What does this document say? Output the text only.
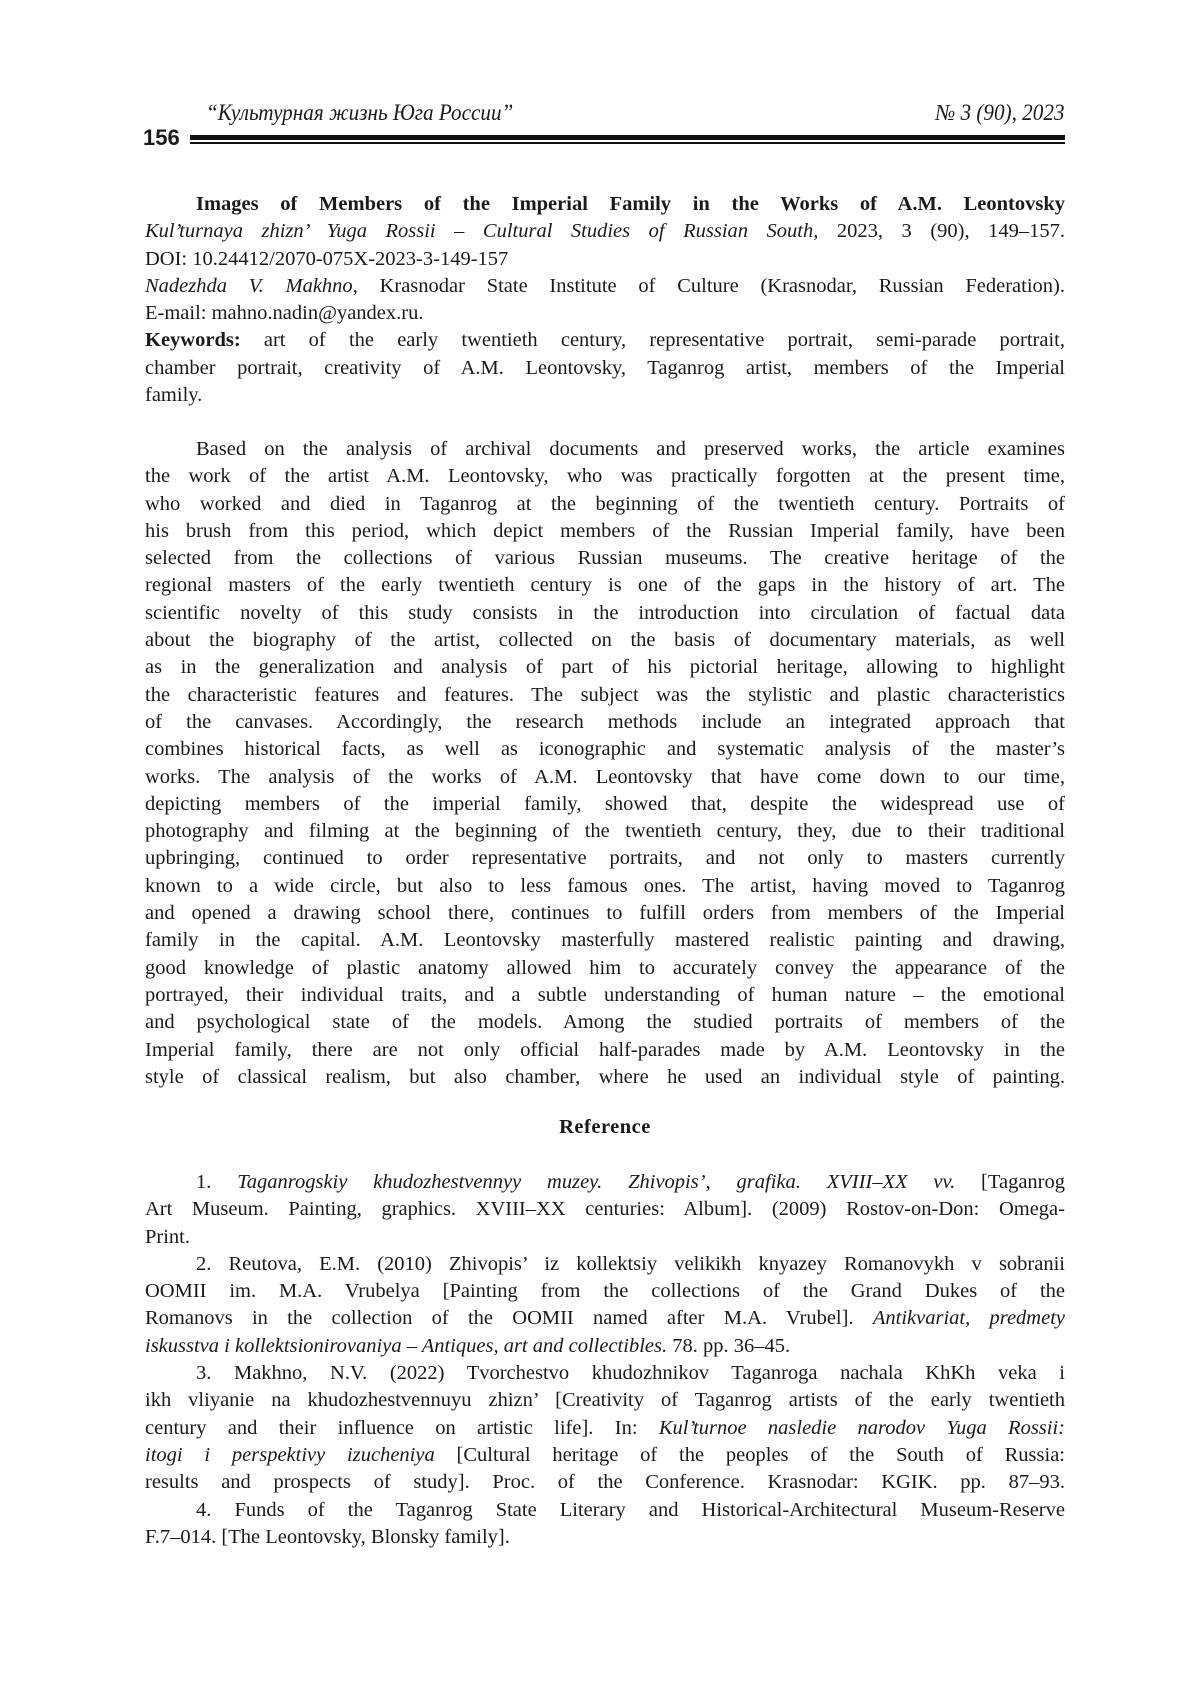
“Культурная жизнь Юга России”	№ 3 (90), 2023
156
Images of Members of the Imperial Family in the Works of A.M. Leontovsky
Kul’turnaya zhizn’ Yuga Rossii – Cultural Studies of Russian South, 2023, 3 (90), 149–157.
DOI: 10.24412/2070-075X-2023-3-149-157
Nadezhda V. Makhno, Krasnodar State Institute of Culture (Krasnodar, Russian Federation).
E-mail: mahno.nadin@yandex.ru.
Keywords: art of the early twentieth century, representative portrait, semi-parade portrait,
chamber portrait, creativity of A.M. Leontovsky, Taganrog artist, members of the Imperial
family.
Based on the analysis of archival documents and preserved works, the article examines
the work of the artist A.M. Leontovsky, who was practically forgotten at the present time,
who worked and died in Taganrog at the beginning of the twentieth century. Portraits of
his brush from this period, which depict members of the Russian Imperial family, have been
selected from the collections of various Russian museums. The creative heritage of the
regional masters of the early twentieth century is one of the gaps in the history of art. The
scientific novelty of this study consists in the introduction into circulation of factual data
about the biography of the artist, collected on the basis of documentary materials, as well
as in the generalization and analysis of part of his pictorial heritage, allowing to highlight
the characteristic features and features. The subject was the stylistic and plastic characteristics
of the canvases. Accordingly, the research methods include an integrated approach that
combines historical facts, as well as iconographic and systematic analysis of the master’s
works. The analysis of the works of A.M. Leontovsky that have come down to our time,
depicting members of the imperial family, showed that, despite the widespread use of
photography and filming at the beginning of the twentieth century, they, due to their traditional
upbringing, continued to order representative portraits, and not only to masters currently
known to a wide circle, but also to less famous ones. The artist, having moved to Taganrog
and opened a drawing school there, continues to fulfill orders from members of the Imperial
family in the capital. A.M. Leontovsky masterfully mastered realistic painting and drawing,
good knowledge of plastic anatomy allowed him to accurately convey the appearance of the
portrayed, their individual traits, and a subtle understanding of human nature – the emotional
and psychological state of the models. Among the studied portraits of members of the
Imperial family, there are not only official half-parades made by A.M. Leontovsky in the
style of classical realism, but also chamber, where he used an individual style of painting.
Reference
1. Taganrogskiy khudozhestvennyy muzey. Zhivopis’, grafika. XVIII–XX vv. [Taganrog
Art Museum. Painting, graphics. XVIII–XX centuries: Album]. (2009) Rostov-on-Don: Omega-
Print.
2. Reutova, E.M. (2010) Zhivopis’ iz kollektsiy velikikh knyazey Romanovykh v sobranii
OOMII im. M.A. Vrubelya [Painting from the collections of the Grand Dukes of the
Romanovs in the collection of the OOMII named after M.A. Vrubel]. Antikvariat, predmety
iskusstva i kollektsionirovaniya – Antiques, art and collectibles. 78. pp. 36–45.
3. Makhno, N.V. (2022) Tvorchestvo khudozhnikov Taganroga nachala KhKh veka i
ikh vliyanie na khudozhestvennuyu zhizn’ [Creativity of Taganrog artists of the early twentieth
century and their influence on artistic life]. In: Kul’turnoe nasledie narodov Yuga Rossii:
itogi i perspektivy izucheniya [Cultural heritage of the peoples of the South of Russia:
results and prospects of study]. Proc. of the Conference. Krasnodar: KGIK. pp. 87–93.
4. Funds of the Taganrog State Literary and Historical-Architectural Museum-Reserve
F.7–014. [The Leontovsky, Blonsky family].
